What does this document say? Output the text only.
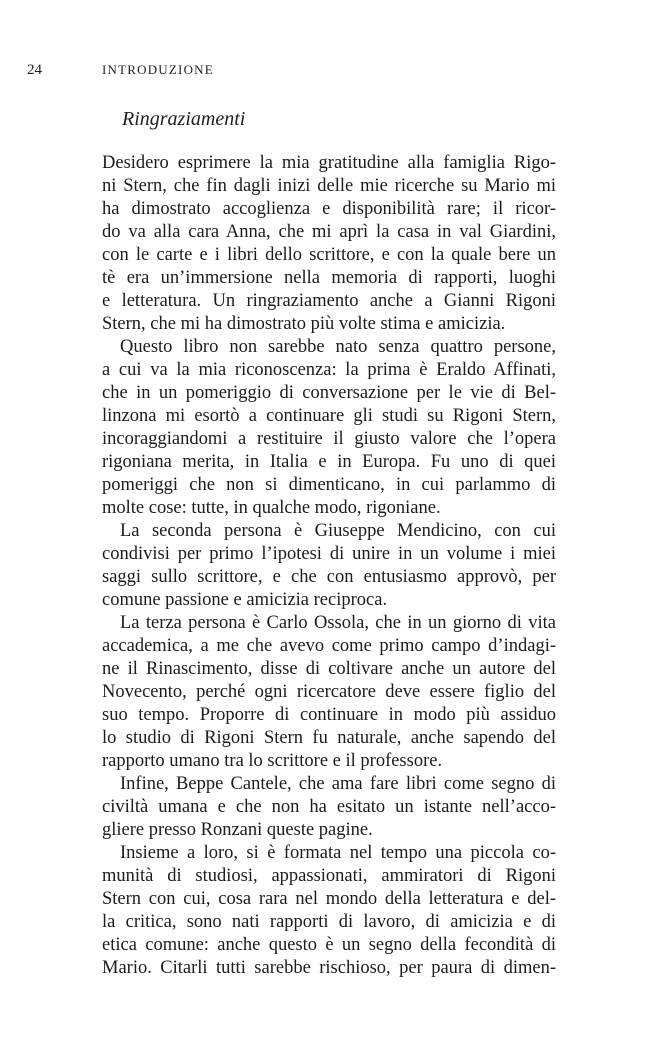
24	INTRODUZIONE
Ringraziamenti
Desidero esprimere la mia gratitudine alla famiglia Rigo-
ni Stern, che fin dagli inizi delle mie ricerche su Mario mi
ha dimostrato accoglienza e disponibilità rare; il ricor-
do va alla cara Anna, che mi aprì la casa in val Giardini,
con le carte e i libri dello scrittore, e con la quale bere un
tè era un’immersione nella memoria di rapporti, luoghi
e letteratura. Un ringraziamento anche a Gianni Rigoni
Stern, che mi ha dimostrato più volte stima e amicizia.
Questo libro non sarebbe nato senza quattro persone,
a cui va la mia riconoscenza: la prima è Eraldo Affinati,
che in un pomeriggio di conversazione per le vie di Bel-
linzona mi esortò a continuare gli studi su Rigoni Stern,
incoraggiandomi a restituire il giusto valore che l’opera
rigoniana merita, in Italia e in Europa. Fu uno di quei
pomeriggi che non si dimenticano, in cui parlammo di
molte cose: tutte, in qualche modo, rigoniane.
La seconda persona è Giuseppe Mendicino, con cui
condivisi per primo l’ipotesi di unire in un volume i miei
saggi sullo scrittore, e che con entusiasmo approvò, per
comune passione e amicizia reciproca.
La terza persona è Carlo Ossola, che in un giorno di vita
accademica, a me che avevo come primo campo d’indagi-
ne il Rinascimento, disse di coltivare anche un autore del
Novecento, perché ogni ricercatore deve essere figlio del
suo tempo. Proporre di continuare in modo più assiduo
lo studio di Rigoni Stern fu naturale, anche sapendo del
rapporto umano tra lo scrittore e il professore.
Infine, Beppe Cantele, che ama fare libri come segno di
civiltà umana e che non ha esitato un istante nell’acco-
gliere presso Ronzani queste pagine.
Insieme a loro, si è formata nel tempo una piccola co-
munità di studiosi, appassionati, ammiratori di Rigoni
Stern con cui, cosa rara nel mondo della letteratura e del-
la critica, sono nati rapporti di lavoro, di amicizia e di
etica comune: anche questo è un segno della fecondità di
Mario. Citarli tutti sarebbe rischioso, per paura di dimen-
